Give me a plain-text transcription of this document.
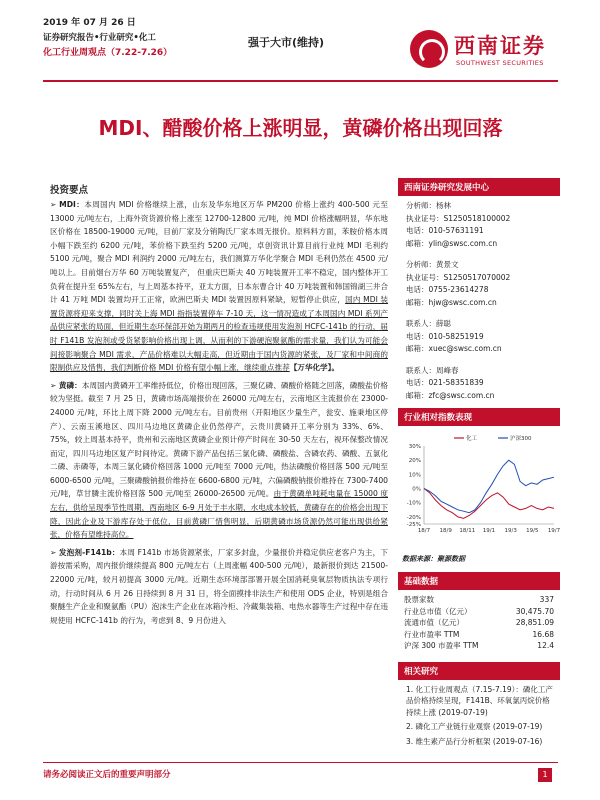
2019 年 07 月 26 日
证券研究报告•行业研究•化工
化工行业周观点（7.22-7.26）
强于大市(维持)	西南证券
SOUTHWEST SECURITIES
MDI、醋酸价格上涨明显，黄磷价格出现回落
投资要点

➢ MDI：本周国内 MDI 价格继续上涨，山东及华东地区万华 PM200 价格上涨约 400-500 元至 13000 元/吨左右，上海外资货源价格上涨至 12700-12800 元/吨，纯 MDI 价格涨幅明显，华东地区价格在 18500-19000 元/吨，目前厂家及分销陶氏厂家本周无报价。原料料方面，苯胺价格本周小幅下跌至约 6200 元/吨，苯价格下跌至约 5200 元/吨，卓创资讯计算目前行业纯 MDI 毛利约 5100 元/吨，聚合 MDI 利润约 2000 元/吨左右，我们测算万华化学聚合 MDI 毛利仍然在 4500 元/吨以上。目前烟台万华 60 万吨装置复产， 但重庆巴斯夫 40 万吨装置开工率不稳定，国内整体开工负荷在提升至 65%左右，与上周基本持平，亚太方面，日本东曹合计 40 万吨装置和韩国锦湖三井合计 41 万吨 MDI 装置均开工正常，欧洲巴斯夫 MDI 装置因原料紧缺，短暂停止供应，国内 MDI 装置货源将迎来支撑，同时关上海 MDI 指指装置停车 7-10 天，这一情况造成了本周国内 MDI 系列产品供应紧张的局面，但近期生态环保部开始为期两月的检查违规使用发泡剂 HCFC-141b 的行动，届时 F141B 发泡剂或受货紧影响价格出现上调，从而利的下游硬泡聚氨酯的需求量，我们认为可能会间接影响聚合 MDI 需求，产品价格难以大幅走高，但近期由于国内货源的紧张，及厂家和中间商的限制供应及惜售，我们判断价格 MDI 价格有望小幅上涨，继续重点推荐【万华化学】。

➢ 黄磷：本周国内黄磷开工率维持低位，价格出现回落，三聚亿磷、磷酸价格随之回落，磷酸盐价格较为坚挺。截至 7 月 25 日，黄磷市场高端报价在 26000 元/吨左右，云南地区主流报价在 23000-24000 元/吨，环比上周下降 2000 元/吨左右。目前贵州（开阳地区少量生产，瓮安、施秉地区停产）、云南玉溪地区、四川马边地区黄磷企业仍然停产，云贵川黄磷开工率分别为 33%、6%、75%，较上周基本持平，贵州和云南地区黄磷企业预计停产时间在 30-50 天左右，视环保整改情况而定，四川马边地区复产时间待定。黄磷下游产品包括三氯化磷、磷酸盐、含磷农药、磷酸、五氯化二磷、赤磷等，本周三氯化磷价格回落 1000 元/吨至 7000 元/吨，热法磷酸价格回落 500 元/吨至 6000-6500 元/吨，三聚磷酸钠报价维持在 6600-6800 元/吨，六偏磷酸钠报价维持在 7300-7400 元/吨，草甘膦主流价格回落 500 元/吨至 26000-26500 元/吨。由于黄磷单吨耗电量在 15000 度左右，供给呈现季节性周期，西南地区 6-9 月处于丰水期，水电成本较低，黄磷存在的价格会出现下降，因此企业及下游库存处于低位，目前黄磷厂惜售明显，后期黄磷市场货源仍然可能出现供给紧张，价格有望维持高位。

➢ 发泡剂-F141b：本周 F141b 市场货源紧张，厂家多封盘，少量报价并稳定供应老客户为主，下游按需采购，周内报价继续提高 800 元/吨左右（上周涨幅 400-500 元/吨），最新报价到达 21500-22000 元/吨，较月初提高 3000 元/吨。近期生态环境部部署开展全国消耗臭氧层物质执法专项行动，行动时间从 6 月 26 日持续到 8 月 31 日，将全面摸排非法生产和使用 ODS 企业，特别是组合聚醚生产企业和聚氨酯（PU）泡沫生产企业在冰箱冷柜、冷藏集装箱、电热水器等生产过程中存在违规使用 HCFC-141b 的行为，考虑到 8、9 月份进入

西南证券研究发展中心
分析师：杨林
执业证号：S1250518100002
电话：010-57631191
邮箱：ylin@swsc.com.cn
分析师：黄景文
执业证号：S1250517070002
电话：0755-23614278
邮箱：hjw@swsc.com.cn
联系人：薛聪
电话：010-58251919
邮箱：xuec@swsc.com.cn
联系人：周峰春
电话：021-58351839
邮箱：zfc@swsc.com.cn
行业相对指数表现
30%
20%
10%
0%
-10%
-20%
-25%
18/7 18/9 18/11 19/1 19/3 19/5 19/7
化工	沪深300
数据来源：聚源数据
基础数据
股票家数	337
行业总市值（亿元）	30,475.70
流通市值（亿元）	28,851.09
行业市盈率 TTM	16.68
沪深 300 市盈率 TTM	12.4
相关研究
1. 化工行业周观点（7.15-7.19）：磷化工产品价格持续呈现，F141B、环氧氯丙烷价格持续上涨 (2019-07-19)
2. 磷化工产业链行业观察 (2019-07-19)
3. 维生素产品行分析框架 (2019-07-16)
请务必阅读正文后的重要声明部分	1
